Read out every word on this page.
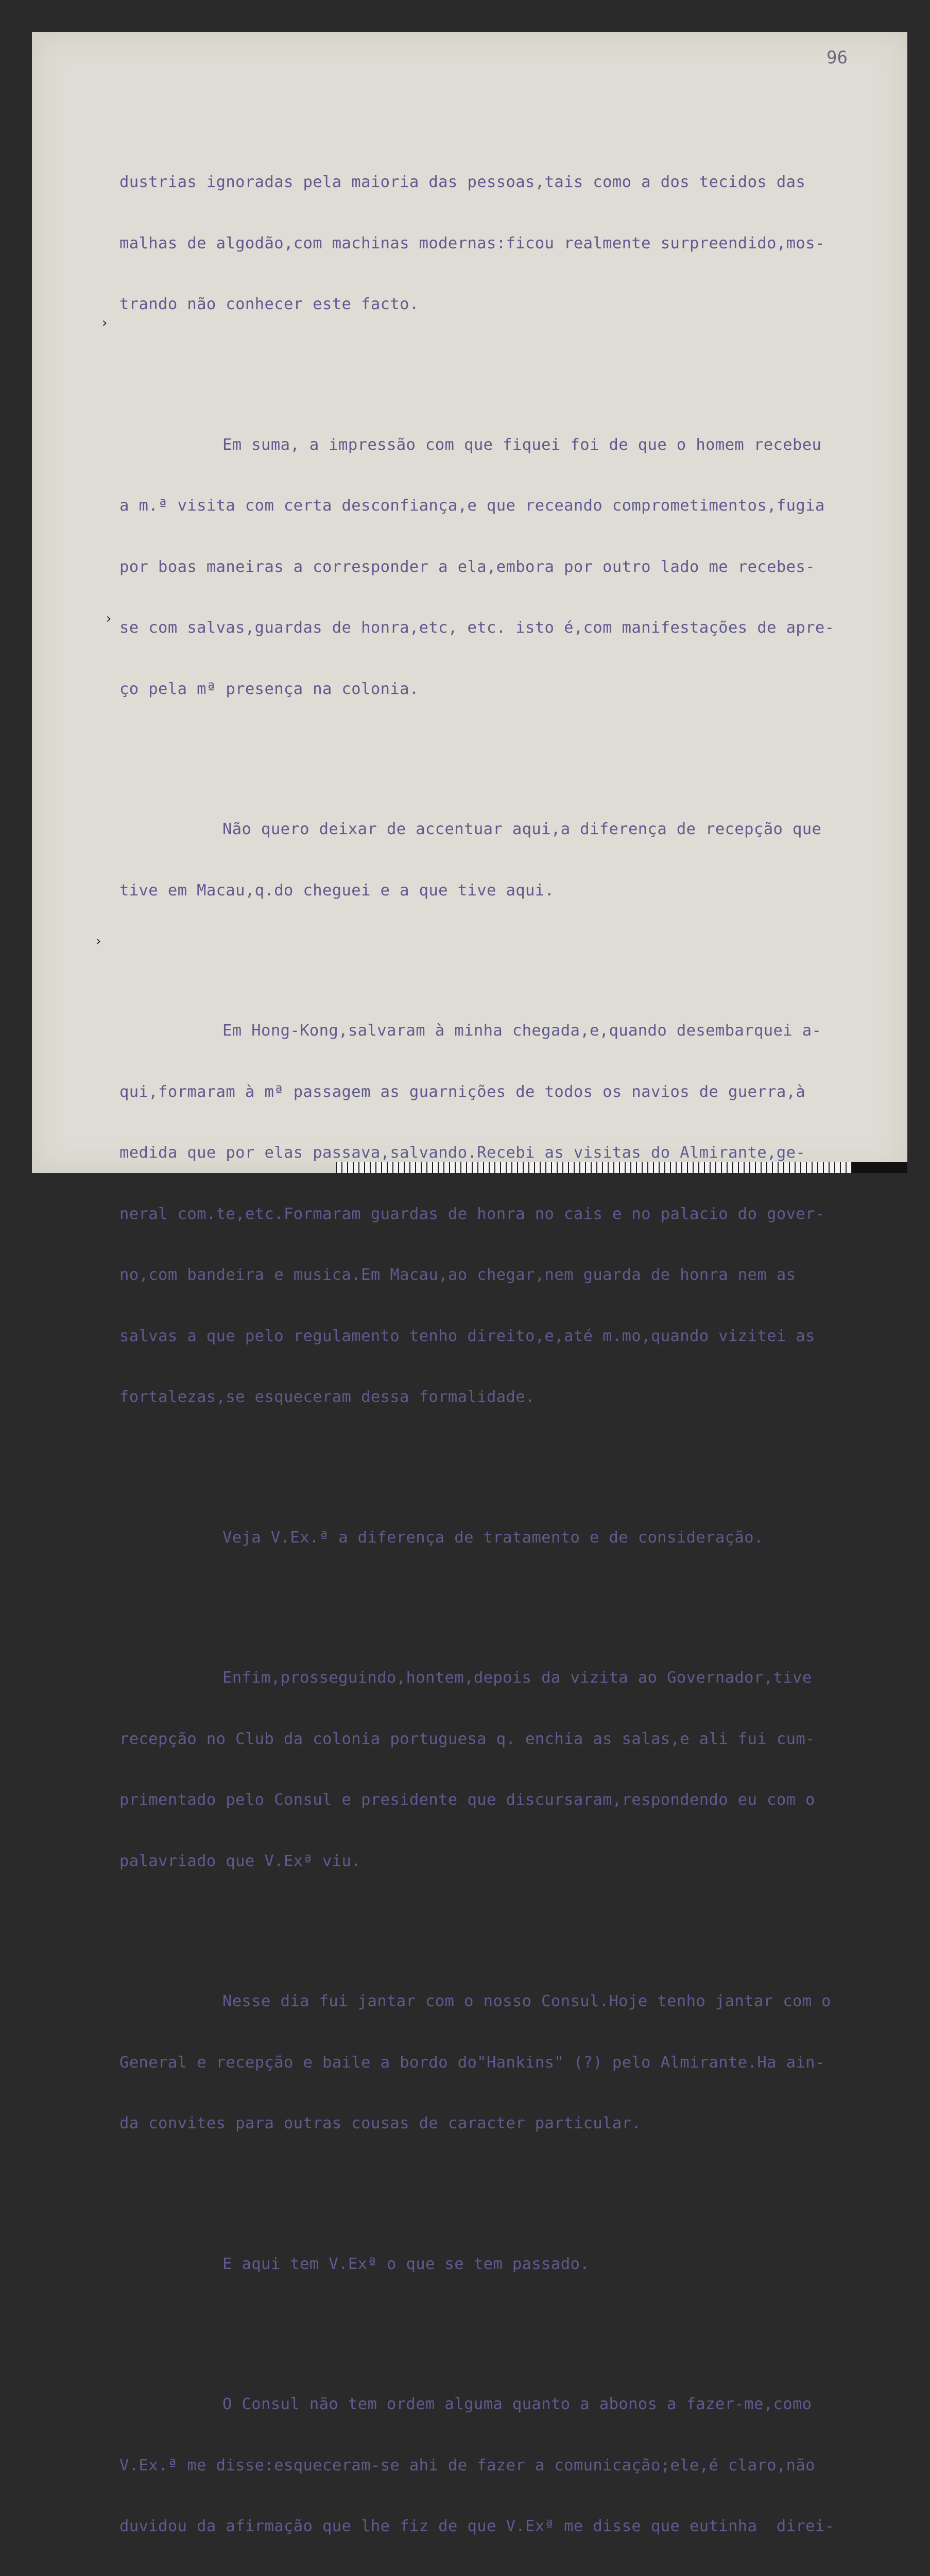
96

dustrias ignoradas pela maioria das pessoas,tais como a dos tecidos das

malhas de algodão,com machinas modernas:ficou realmente surpreendido,mos-

trando não conhecer este facto.

Em suma, a impressão com que fiquei foi de que o homem recebeu

a m.ª visita com certa desconfiança,e que receando comprometimentos,fugia

por boas maneiras a corresponder a ela,embora por outro lado me recebes-

se com salvas,guardas de honra,etc, etc. isto é,com manifestações de apre-

ço pela mª presença na colonia.

Não quero deixar de accentuar aqui,a diferença de recepção que

tive em Macau,q.do cheguei e a que tive aqui.

Em Hong-Kong,salvaram à minha chegada,e,quando desembarquei a-

qui,formaram à mª passagem as guarnições de todos os navios de guerra,à

medida que por elas passava,salvando.Recebi as visitas do Almirante,ge-

neral com.te,etc.Formaram guardas de honra no cais e no palacio do gover-

no,com bandeira e musica.Em Macau,ao chegar,nem guarda de honra nem as

salvas a que pelo regulamento tenho direito,e,até m.mo,quando vizitei as

fortalezas,se esqueceram dessa formalidade.

Veja V.Ex.ª a diferença de tratamento e de consideração.

Enfim,prosseguindo,hontem,depois da vizita ao Governador,tive

recepção no Club da colonia portuguesa q. enchia as salas,e ali fui cum-

primentado pelo Consul e presidente que discursaram,respondendo eu com o

palavriado que V.Exª viu.

Nesse dia fui jantar com o nosso Consul.Hoje tenho jantar com o

General e recepção e baile a bordo do"Hankins" (?) pelo Almirante.Ha ain-

da convites para outras cousas de caracter particular.

E aqui tem V.Exª o que se tem passado.

O Consul não tem ordem alguma quanto a abonos a fazer-me,como

V.Ex.ª me disse:esqueceram-se ahi de fazer a comunicação;ele,é claro,não

duvidou da afirmação que lhe fiz de que V.Exª me disse que eutinha  direi-

›
›
›
